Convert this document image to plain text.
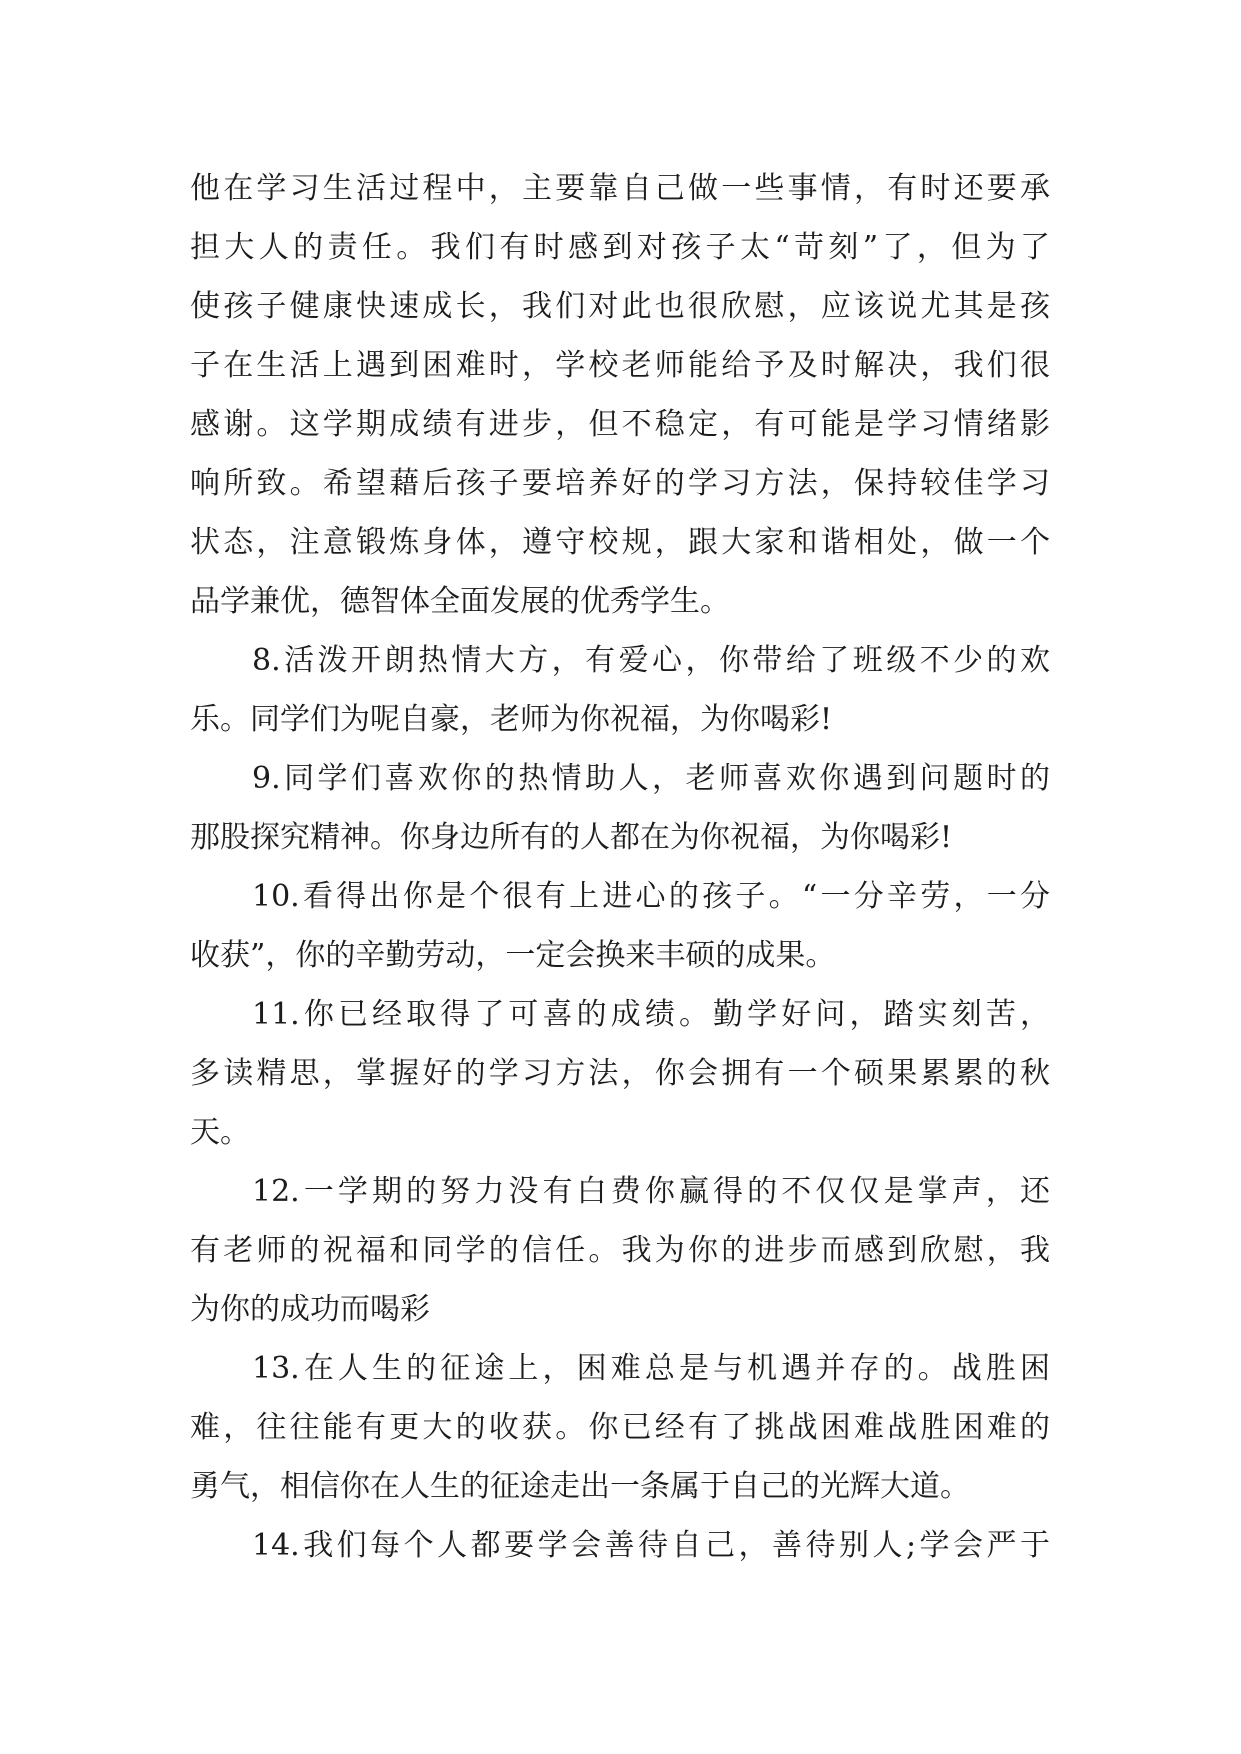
他在学习生活过程中，主要靠自己做一些事情，有时还要承
担大人的责任。我们有时感到对孩子太“苛刻”了，但为了
使孩子健康快速成长，我们对此也很欣慰，应该说尤其是孩
子在生活上遇到困难时，学校老师能给予及时解决，我们很
感谢。这学期成绩有进步，但不稳定，有可能是学习情绪影
响所致。希望藉后孩子要培养好的学习方法，保持较佳学习
状态，注意锻炼身体，遵守校规，跟大家和谐相处，做一个
品学兼优，德智体全面发展的优秀学生。
8.活泼开朗热情大方，有爱心，你带给了班级不少的欢
乐。同学们为呢自豪，老师为你祝福，为你喝彩!
9.同学们喜欢你的热情助人，老师喜欢你遇到问题时的
那股探究精神。你身边所有的人都在为你祝福，为你喝彩!
10.看得出你是个很有上进心的孩子。“一分辛劳，一分
收获”，你的辛勤劳动，一定会换来丰硕的成果。
11.你已经取得了可喜的成绩。勤学好问，踏实刻苦，
多读精思，掌握好的学习方法，你会拥有一个硕果累累的秋
天。
12.一学期的努力没有白费你赢得的不仅仅是掌声，还
有老师的祝福和同学的信任。我为你的进步而感到欣慰，我
为你的成功而喝彩
13.在人生的征途上，困难总是与机遇并存的。战胜困
难，往往能有更大的收获。你已经有了挑战困难战胜困难的
勇气，相信你在人生的征途走出一条属于自己的光辉大道。
14.我们每个人都要学会善待自己，善待别人;学会严于
